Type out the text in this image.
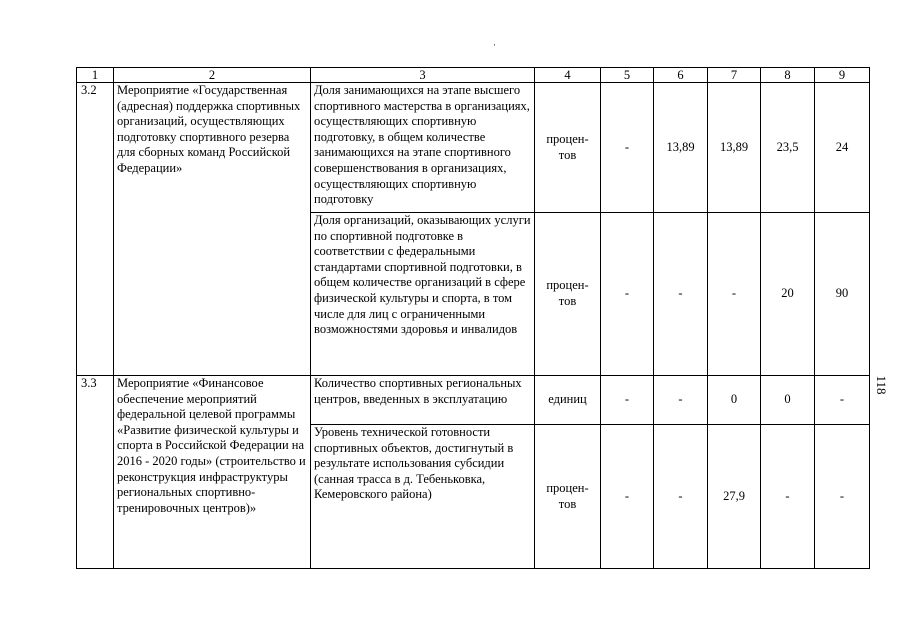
·
1	2	3	4	5	6	7	8	9
3.2	Мероприятие «Государственная (адресная) поддержка спортивных организаций, осуществляющих подготовку спортивного резерва для сборных команд Российской Федерации»	Доля занимающихся на этапе высшего спортивного мастерства в организациях, осуществляющих спортивную подготовку, в общем количестве занимающихся на этапе спортивного совершенствования в организациях, осуществляющих спортивную подготовку	процен-тов	-	13,89	13,89	23,5	24
		Доля организаций, оказывающих услуги по спортивной подготовке в соответствии с федеральными стандартами спортивной подготовки, в общем количестве организаций в сфере физической культуры и спорта, в том числе для лиц с ограниченными возможностями здоровья и инвалидов	процен-тов	-	-	-	20	90
3.3	Мероприятие «Финансовое обеспечение мероприятий федеральной целевой программы «Развитие физической культуры и спорта в Российской Федерации на 2016 - 2020 годы» (строительство и реконструкция инфраструктуры региональных спортивно-тренировочных центров)»	Количество спортивных региональных центров, введенных в эксплуатацию	единиц	-	-	0	0	-
		Уровень технической готовности спортивных объектов, достигнутый в результате использования субсидии (санная трасса в д. Тебеньковка, Кемеровского района)	процен-тов	-	-	27,9	-	-
118
